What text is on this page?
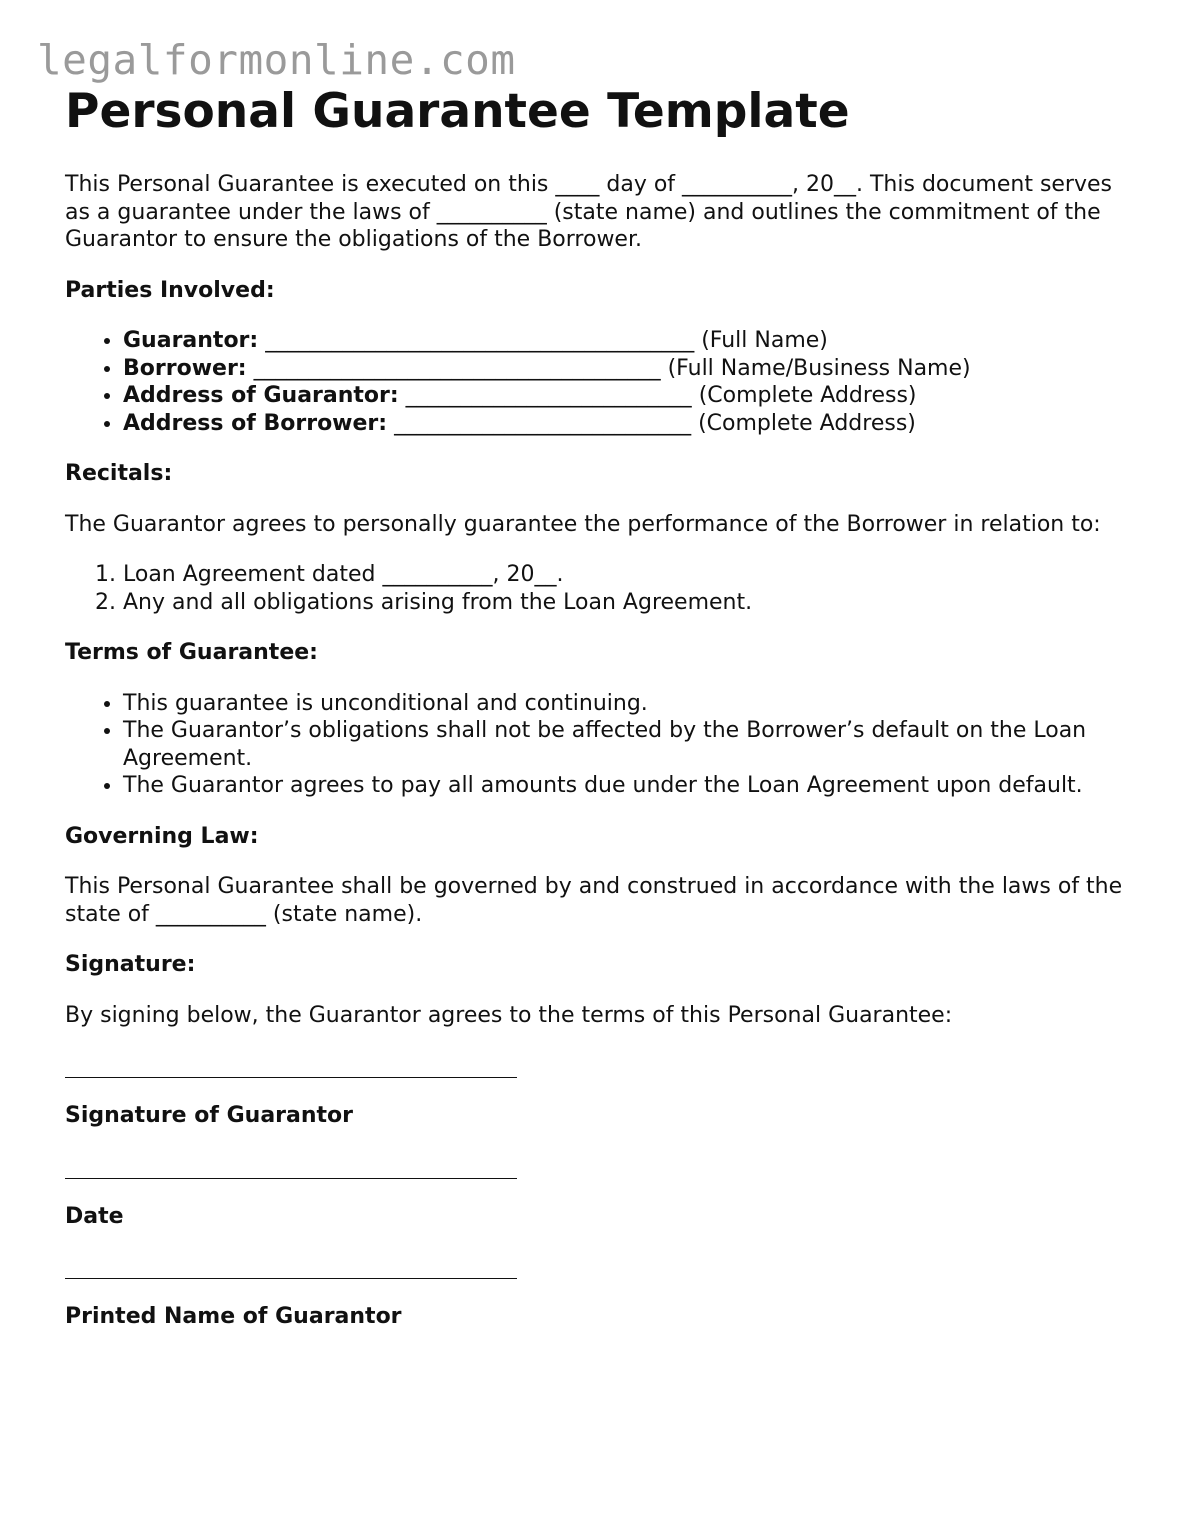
legalformonline.com
Personal Guarantee Template

This Personal Guarantee is executed on this ____ day of __________, 20__. This document serves as a guarantee under the laws of __________ (state name) and outlines the commitment of the Guarantor to ensure the obligations of the Borrower.

Parties Involved:
• Guarantor: _______________________________________ (Full Name)
• Borrower: _____________________________________ (Full Name/Business Name)
• Address of Guarantor: __________________________ (Complete Address)
• Address of Borrower: ___________________________ (Complete Address)
Recitals:

The Guarantor agrees to personally guarantee the performance of the Borrower in relation to:

1. Loan Agreement dated __________, 20__.
2. Any and all obligations arising from the Loan Agreement.
Terms of Guarantee:
• This guarantee is unconditional and continuing.
• The Guarantor’s obligations shall not be affected by the Borrower’s default on the Loan Agreement.
• The Guarantor agrees to pay all amounts due under the Loan Agreement upon default.
Governing Law:

This Personal Guarantee shall be governed by and construed in accordance with the laws of the state of __________ (state name).

Signature:

By signing below, the Guarantor agrees to the terms of this Personal Guarantee:

Signature of Guarantor
Date
Printed Name of Guarantor
